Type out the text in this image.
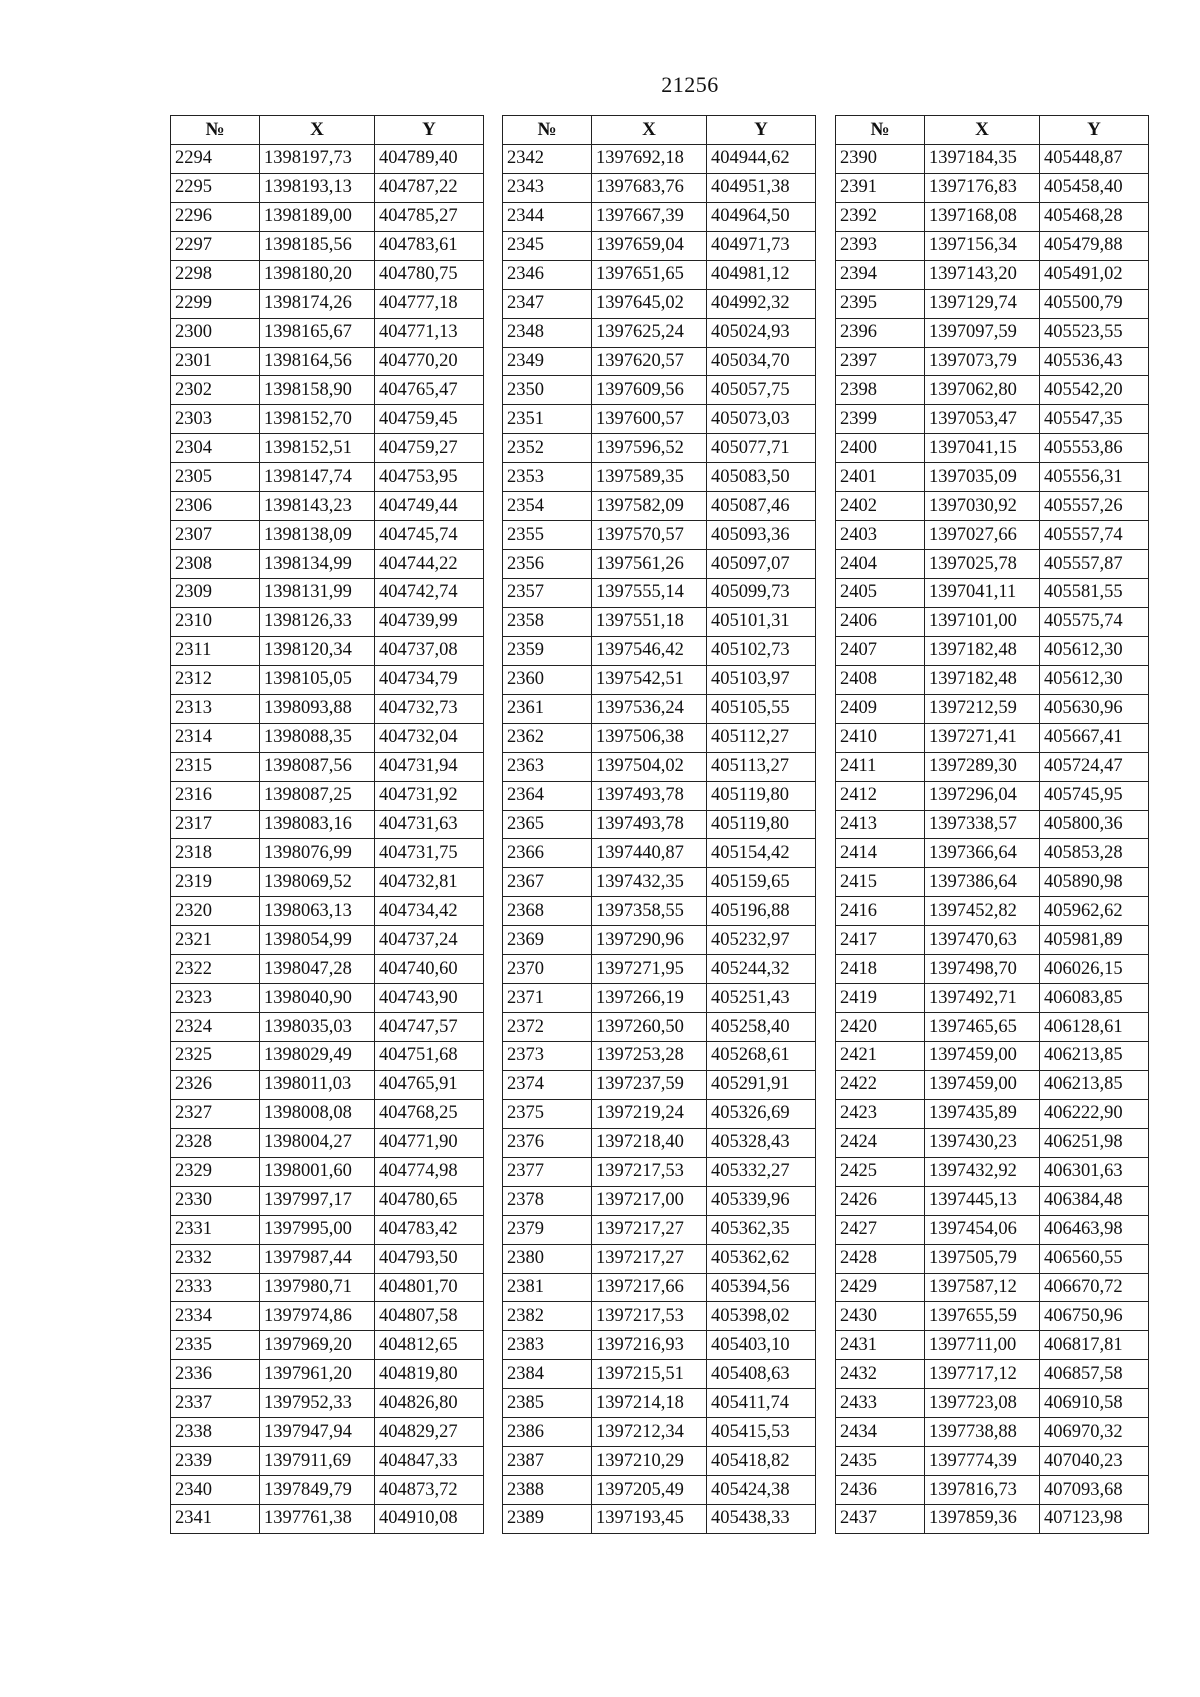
21256
№	X	Y
2294	1398197,73	404789,40
2295	1398193,13	404787,22
2296	1398189,00	404785,27
2297	1398185,56	404783,61
2298	1398180,20	404780,75
2299	1398174,26	404777,18
2300	1398165,67	404771,13
2301	1398164,56	404770,20
2302	1398158,90	404765,47
2303	1398152,70	404759,45
2304	1398152,51	404759,27
2305	1398147,74	404753,95
2306	1398143,23	404749,44
2307	1398138,09	404745,74
2308	1398134,99	404744,22
2309	1398131,99	404742,74
2310	1398126,33	404739,99
2311	1398120,34	404737,08
2312	1398105,05	404734,79
2313	1398093,88	404732,73
2314	1398088,35	404732,04
2315	1398087,56	404731,94
2316	1398087,25	404731,92
2317	1398083,16	404731,63
2318	1398076,99	404731,75
2319	1398069,52	404732,81
2320	1398063,13	404734,42
2321	1398054,99	404737,24
2322	1398047,28	404740,60
2323	1398040,90	404743,90
2324	1398035,03	404747,57
2325	1398029,49	404751,68
2326	1398011,03	404765,91
2327	1398008,08	404768,25
2328	1398004,27	404771,90
2329	1398001,60	404774,98
2330	1397997,17	404780,65
2331	1397995,00	404783,42
2332	1397987,44	404793,50
2333	1397980,71	404801,70
2334	1397974,86	404807,58
2335	1397969,20	404812,65
2336	1397961,20	404819,80
2337	1397952,33	404826,80
2338	1397947,94	404829,27
2339	1397911,69	404847,33
2340	1397849,79	404873,72
2341	1397761,38	404910,08
№	X	Y
2342	1397692,18	404944,62
2343	1397683,76	404951,38
2344	1397667,39	404964,50
2345	1397659,04	404971,73
2346	1397651,65	404981,12
2347	1397645,02	404992,32
2348	1397625,24	405024,93
2349	1397620,57	405034,70
2350	1397609,56	405057,75
2351	1397600,57	405073,03
2352	1397596,52	405077,71
2353	1397589,35	405083,50
2354	1397582,09	405087,46
2355	1397570,57	405093,36
2356	1397561,26	405097,07
2357	1397555,14	405099,73
2358	1397551,18	405101,31
2359	1397546,42	405102,73
2360	1397542,51	405103,97
2361	1397536,24	405105,55
2362	1397506,38	405112,27
2363	1397504,02	405113,27
2364	1397493,78	405119,80
2365	1397493,78	405119,80
2366	1397440,87	405154,42
2367	1397432,35	405159,65
2368	1397358,55	405196,88
2369	1397290,96	405232,97
2370	1397271,95	405244,32
2371	1397266,19	405251,43
2372	1397260,50	405258,40
2373	1397253,28	405268,61
2374	1397237,59	405291,91
2375	1397219,24	405326,69
2376	1397218,40	405328,43
2377	1397217,53	405332,27
2378	1397217,00	405339,96
2379	1397217,27	405362,35
2380	1397217,27	405362,62
2381	1397217,66	405394,56
2382	1397217,53	405398,02
2383	1397216,93	405403,10
2384	1397215,51	405408,63
2385	1397214,18	405411,74
2386	1397212,34	405415,53
2387	1397210,29	405418,82
2388	1397205,49	405424,38
2389	1397193,45	405438,33
№	X	Y
2390	1397184,35	405448,87
2391	1397176,83	405458,40
2392	1397168,08	405468,28
2393	1397156,34	405479,88
2394	1397143,20	405491,02
2395	1397129,74	405500,79
2396	1397097,59	405523,55
2397	1397073,79	405536,43
2398	1397062,80	405542,20
2399	1397053,47	405547,35
2400	1397041,15	405553,86
2401	1397035,09	405556,31
2402	1397030,92	405557,26
2403	1397027,66	405557,74
2404	1397025,78	405557,87
2405	1397041,11	405581,55
2406	1397101,00	405575,74
2407	1397182,48	405612,30
2408	1397182,48	405612,30
2409	1397212,59	405630,96
2410	1397271,41	405667,41
2411	1397289,30	405724,47
2412	1397296,04	405745,95
2413	1397338,57	405800,36
2414	1397366,64	405853,28
2415	1397386,64	405890,98
2416	1397452,82	405962,62
2417	1397470,63	405981,89
2418	1397498,70	406026,15
2419	1397492,71	406083,85
2420	1397465,65	406128,61
2421	1397459,00	406213,85
2422	1397459,00	406213,85
2423	1397435,89	406222,90
2424	1397430,23	406251,98
2425	1397432,92	406301,63
2426	1397445,13	406384,48
2427	1397454,06	406463,98
2428	1397505,79	406560,55
2429	1397587,12	406670,72
2430	1397655,59	406750,96
2431	1397711,00	406817,81
2432	1397717,12	406857,58
2433	1397723,08	406910,58
2434	1397738,88	406970,32
2435	1397774,39	407040,23
2436	1397816,73	407093,68
2437	1397859,36	407123,98
